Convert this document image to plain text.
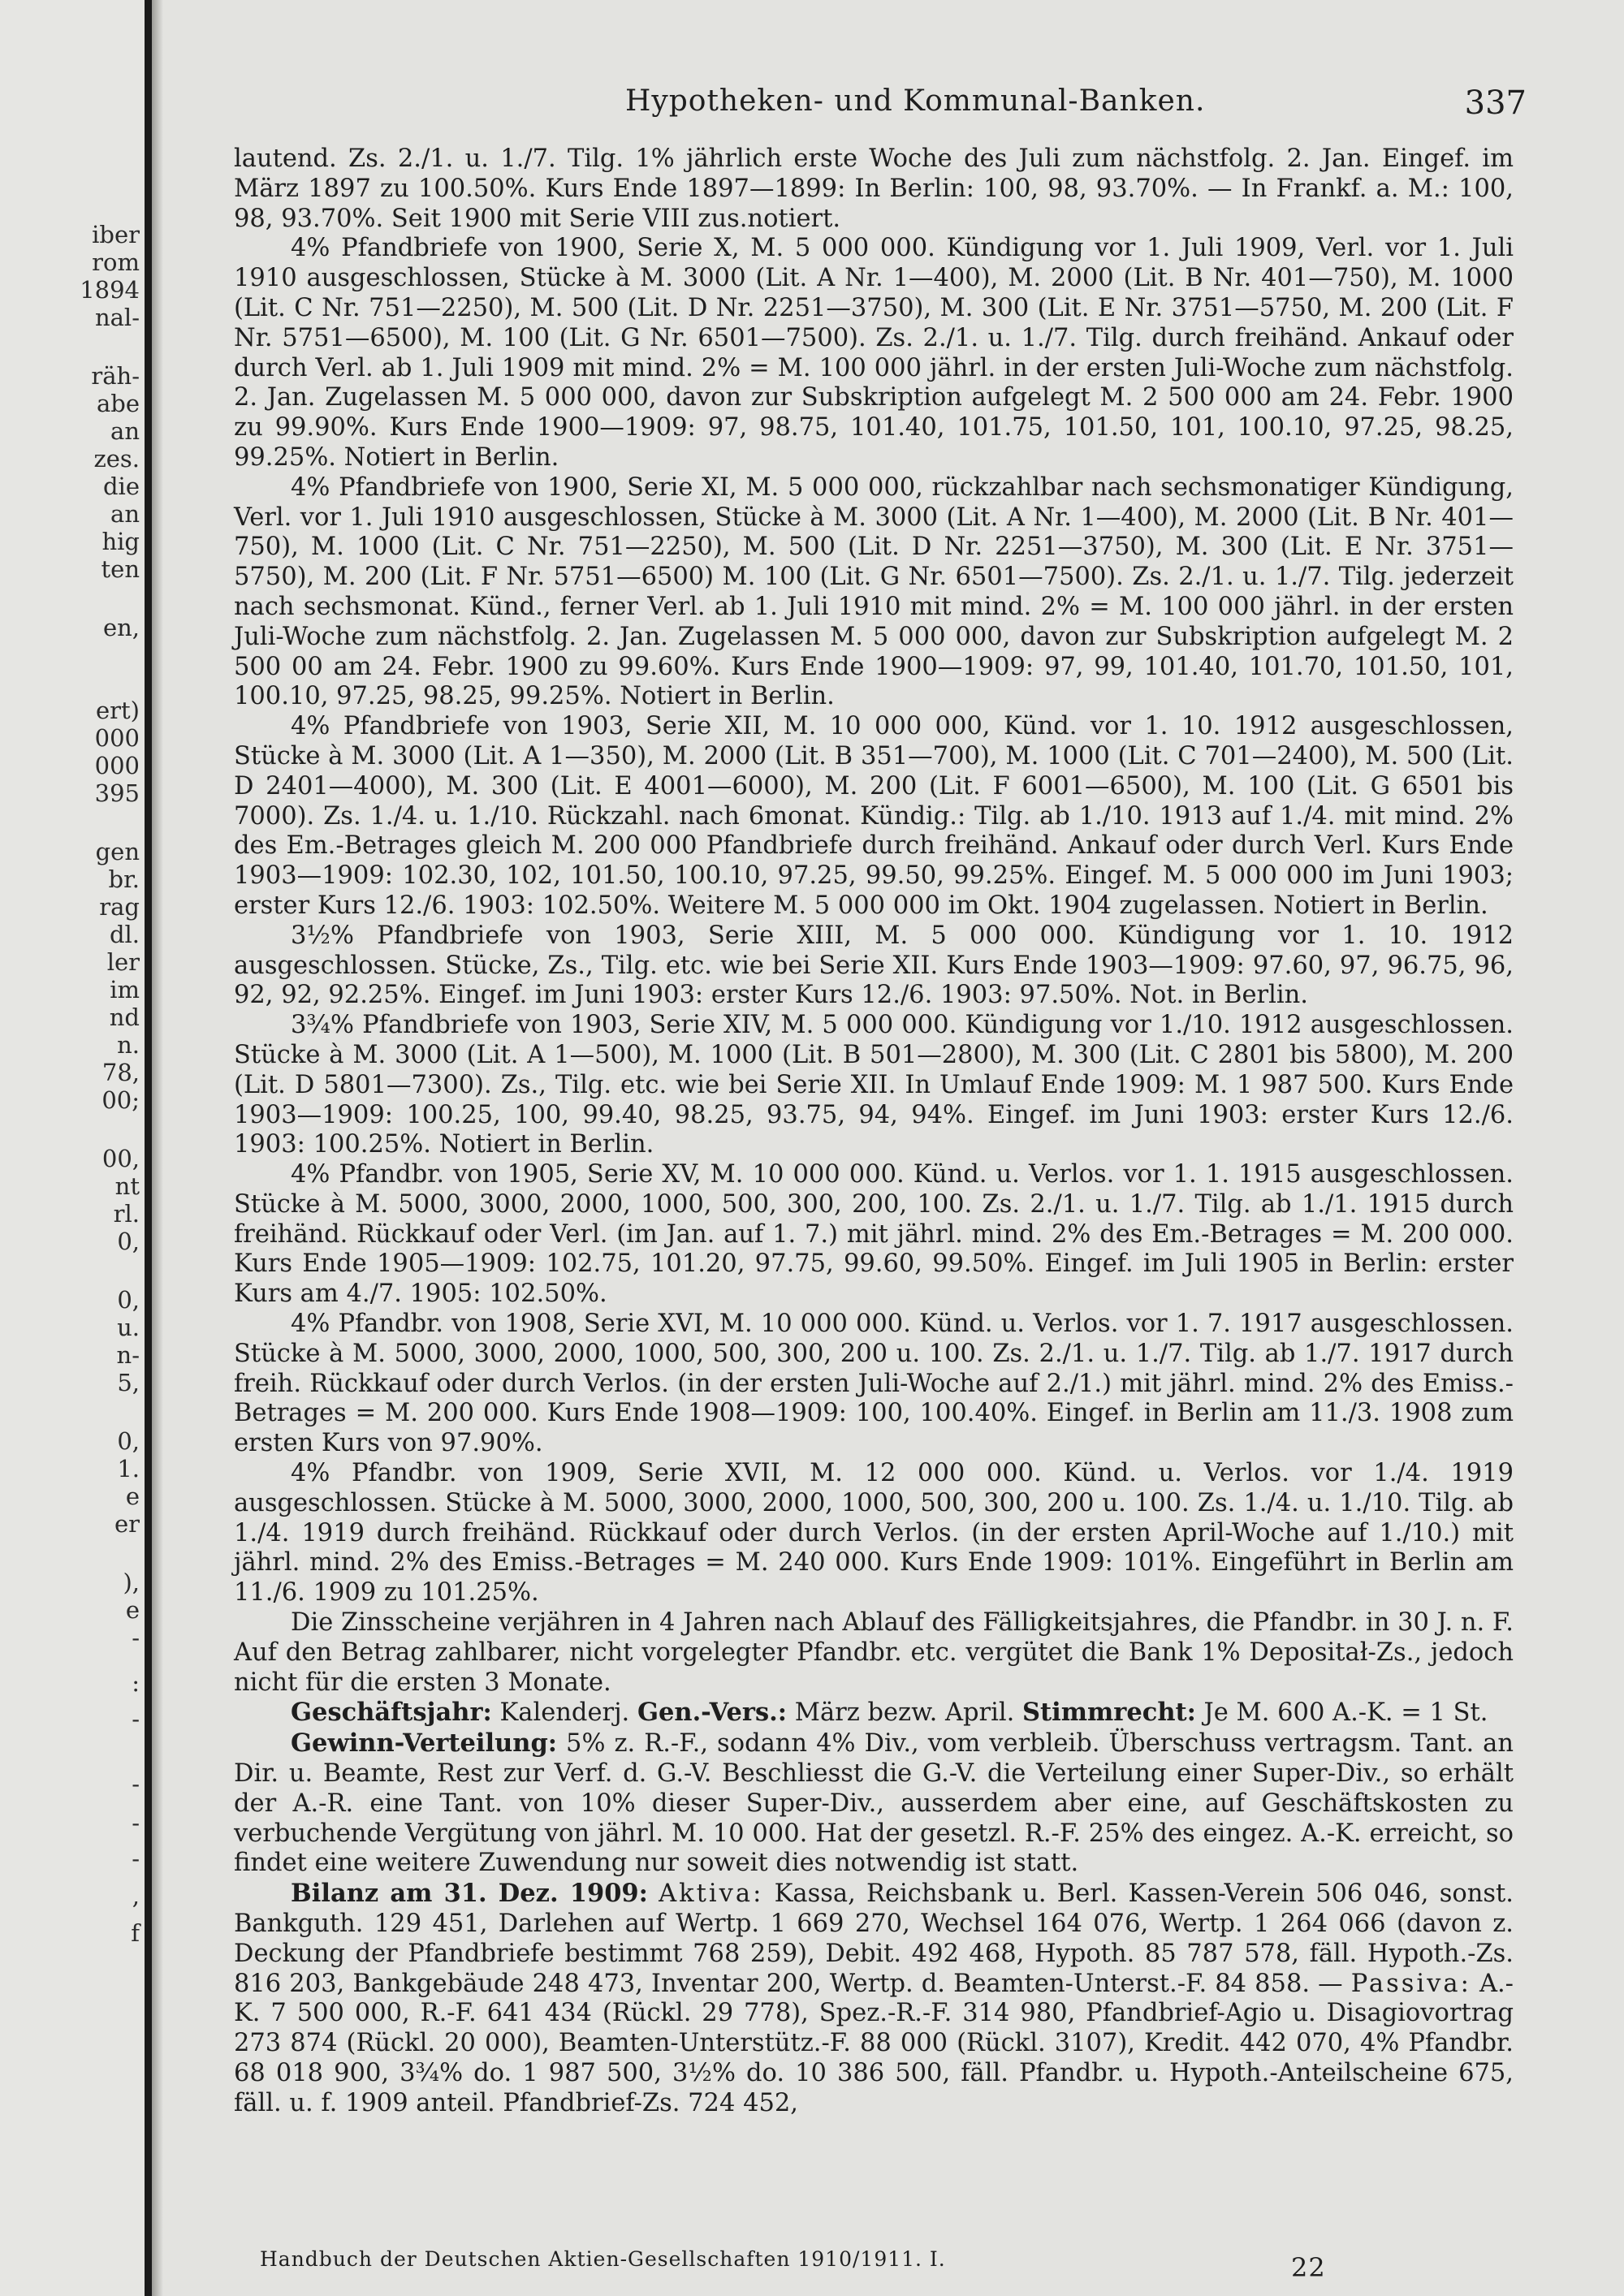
iber
rom
1894
nal-
räh-
abe
an
zes.
die
an
hig
ten
en,
ert)
000
000
395
gen
br.
rag
dl.
ler
im
nd
n.
78,
00;
00,
nt
rl.
0,
0,
u.
n-
5,
0,
1.
e
er
),
e
-
:
-
-
-
-
,
f
Hypotheken- und Kommunal-Banken.	337

lautend. Zs. 2./1. u. 1./7. Tilg. 1% jährlich erste Woche des Juli zum nächstfolg. 2. Jan. Eingef. im März 1897 zu 100.50%. Kurs Ende 1897—1899: In Berlin: 100, 98, 93.70%. — In Frankf. a. M.: 100, 98, 93.70%. Seit 1900 mit Serie VIII zus.notiert.

4% Pfandbriefe von 1900, Serie X, M. 5 000 000. Kündigung vor 1. Juli 1909, Verl. vor 1. Juli 1910 ausgeschlossen, Stücke à M. 3000 (Lit. A Nr. 1—400), M. 2000 (Lit. B Nr. 401—750), M. 1000 (Lit. C Nr. 751—2250), M. 500 (Lit. D Nr. 2251—3750), M. 300 (Lit. E Nr. 3751—5750, M. 200 (Lit. F Nr. 5751—6500), M. 100 (Lit. G Nr. 6501—7500). Zs. 2./1. u. 1./7. Tilg. durch freihänd. Ankauf oder durch Verl. ab 1. Juli 1909 mit mind. 2% = M. 100 000 jährl. in der ersten Juli-Woche zum nächstfolg. 2. Jan. Zugelassen M. 5 000 000, davon zur Subskription aufgelegt M. 2 500 000 am 24. Febr. 1900 zu 99.90%. Kurs Ende 1900—1909: 97, 98.75, 101.40, 101.75, 101.50, 101, 100.10, 97.25, 98.25, 99.25%. Notiert in Berlin.

4% Pfandbriefe von 1900, Serie XI, M. 5 000 000, rückzahlbar nach sechsmonatiger Kündigung, Verl. vor 1. Juli 1910 ausgeschlossen, Stücke à M. 3000 (Lit. A Nr. 1—400), M. 2000 (Lit. B Nr. 401—750), M. 1000 (Lit. C Nr. 751—2250), M. 500 (Lit. D Nr. 2251—3750), M. 300 (Lit. E Nr. 3751—5750), M. 200 (Lit. F Nr. 5751—6500) M. 100 (Lit. G Nr. 6501—7500). Zs. 2./1. u. 1./7. Tilg. jederzeit nach sechsmonat. Künd., ferner Verl. ab 1. Juli 1910 mit mind. 2% = M. 100 000 jährl. in der ersten Juli-Woche zum nächstfolg. 2. Jan. Zugelassen M. 5 000 000, davon zur Subskription aufgelegt M. 2 500 00 am 24. Febr. 1900 zu 99.60%. Kurs Ende 1900—1909: 97, 99, 101.40, 101.70, 101.50, 101, 100.10, 97.25, 98.25, 99.25%. Notiert in Berlin.

4% Pfandbriefe von 1903, Serie XII, M. 10 000 000, Künd. vor 1. 10. 1912 ausgeschlossen, Stücke à M. 3000 (Lit. A 1—350), M. 2000 (Lit. B 351—700), M. 1000 (Lit. C 701—2400), M. 500 (Lit. D 2401—4000), M. 300 (Lit. E 4001—6000), M. 200 (Lit. F 6001—6500), M. 100 (Lit. G 6501 bis 7000). Zs. 1./4. u. 1./10. Rückzahl. nach 6monat. Kündig.: Tilg. ab 1./10. 1913 auf 1./4. mit mind. 2% des Em.-Betrages gleich M. 200 000 Pfandbriefe durch freihänd. Ankauf oder durch Verl. Kurs Ende 1903—1909: 102.30, 102, 101.50, 100.10, 97.25, 99.50, 99.25%. Eingef. M. 5 000 000 im Juni 1903; erster Kurs 12./6. 1903: 102.50%. Weitere M. 5 000 000 im Okt. 1904 zugelassen. Notiert in Berlin.

3½% Pfandbriefe von 1903, Serie XIII, M. 5 000 000. Kündigung vor 1. 10. 1912 ausgeschlossen. Stücke, Zs., Tilg. etc. wie bei Serie XII. Kurs Ende 1903—1909: 97.60, 97, 96.75, 96, 92, 92, 92.25%. Eingef. im Juni 1903: erster Kurs 12./6. 1903: 97.50%. Not. in Berlin.

3¾% Pfandbriefe von 1903, Serie XIV, M. 5 000 000. Kündigung vor 1./10. 1912 ausgeschlossen. Stücke à M. 3000 (Lit. A 1—500), M. 1000 (Lit. B 501—2800), M. 300 (Lit. C 2801 bis 5800), M. 200 (Lit. D 5801—7300). Zs., Tilg. etc. wie bei Serie XII. In Umlauf Ende 1909: M. 1 987 500. Kurs Ende 1903—1909: 100.25, 100, 99.40, 98.25, 93.75, 94, 94%. Eingef. im Juni 1903: erster Kurs 12./6. 1903: 100.25%. Notiert in Berlin.

4% Pfandbr. von 1905, Serie XV, M. 10 000 000. Künd. u. Verlos. vor 1. 1. 1915 ausgeschlossen. Stücke à M. 5000, 3000, 2000, 1000, 500, 300, 200, 100. Zs. 2./1. u. 1./7. Tilg. ab 1./1. 1915 durch freihänd. Rückkauf oder Verl. (im Jan. auf 1. 7.) mit jährl. mind. 2% des Em.-Betrages = M. 200 000. Kurs Ende 1905—1909: 102.75, 101.20, 97.75, 99.60, 99.50%. Eingef. im Juli 1905 in Berlin: erster Kurs am 4./7. 1905: 102.50%.

4% Pfandbr. von 1908, Serie XVI, M. 10 000 000. Künd. u. Verlos. vor 1. 7. 1917 ausgeschlossen. Stücke à M. 5000, 3000, 2000, 1000, 500, 300, 200 u. 100. Zs. 2./1. u. 1./7. Tilg. ab 1./7. 1917 durch freih. Rückkauf oder durch Verlos. (in der ersten Juli-Woche auf 2./1.) mit jährl. mind. 2% des Emiss.-Betrages = M. 200 000. Kurs Ende 1908—1909: 100, 100.40%. Eingef. in Berlin am 11./3. 1908 zum ersten Kurs von 97.90%.

4% Pfandbr. von 1909, Serie XVII, M. 12 000 000. Künd. u. Verlos. vor 1./4. 1919 ausgeschlossen. Stücke à M. 5000, 3000, 2000, 1000, 500, 300, 200 u. 100. Zs. 1./4. u. 1./10. Tilg. ab 1./4. 1919 durch freihänd. Rückkauf oder durch Verlos. (in der ersten April-Woche auf 1./10.) mit jährl. mind. 2% des Emiss.-Betrages = M. 240 000. Kurs Ende 1909: 101%. Eingeführt in Berlin am 11./6. 1909 zu 101.25%.

Die Zinsscheine verjähren in 4 Jahren nach Ablauf des Fälligkeitsjahres, die Pfandbr. in 30 J. n. F. Auf den Betrag zahlbarer, nicht vorgelegter Pfandbr. etc. vergütet die Bank 1% Depositał-Zs., jedoch nicht für die ersten 3 Monate.

Geschäftsjahr: Kalenderj. Gen.-Vers.: März bezw. April. Stimmrecht: Je M. 600 A.-K. = 1 St.

Gewinn-Verteilung: 5% z. R.-F., sodann 4% Div., vom verbleib. Überschuss vertragsm. Tant. an Dir. u. Beamte, Rest zur Verf. d. G.-V. Beschliesst die G.-V. die Verteilung einer Super-Div., so erhält der A.-R. eine Tant. von 10% dieser Super-Div., ausserdem aber eine, auf Geschäftskosten zu verbuchende Vergütung von jährl. M. 10 000. Hat der gesetzl. R.-F. 25% des eingez. A.-K. erreicht, so findet eine weitere Zuwendung nur soweit dies notwendig ist statt.

Bilanz am 31. Dez. 1909: Aktiva: Kassa, Reichsbank u. Berl. Kassen-Verein 506 046, sonst. Bankguth. 129 451, Darlehen auf Wertp. 1 669 270, Wechsel 164 076, Wertp. 1 264 066 (davon z. Deckung der Pfandbriefe bestimmt 768 259), Debit. 492 468, Hypoth. 85 787 578, fäll. Hypoth.-Zs. 816 203, Bankgebäude 248 473, Inventar 200, Wertp. d. Beamten-Unterst.-F. 84 858. — Passiva: A.-K. 7 500 000, R.-F. 641 434 (Rückl. 29 778), Spez.-R.-F. 314 980, Pfandbrief-Agio u. Disagiovortrag 273 874 (Rückl. 20 000), Beamten-Unterstütz.-F. 88 000 (Rückl. 3107), Kredit. 442 070, 4% Pfandbr. 68 018 900, 3¾% do. 1 987 500, 3½% do. 10 386 500, fäll. Pfandbr. u. Hypoth.-Anteilscheine 675, fäll. u. f. 1909 anteil. Pfandbrief-Zs. 724 452,

Handbuch der Deutschen Aktien-Gesellschaften 1910/1911. I.	22
